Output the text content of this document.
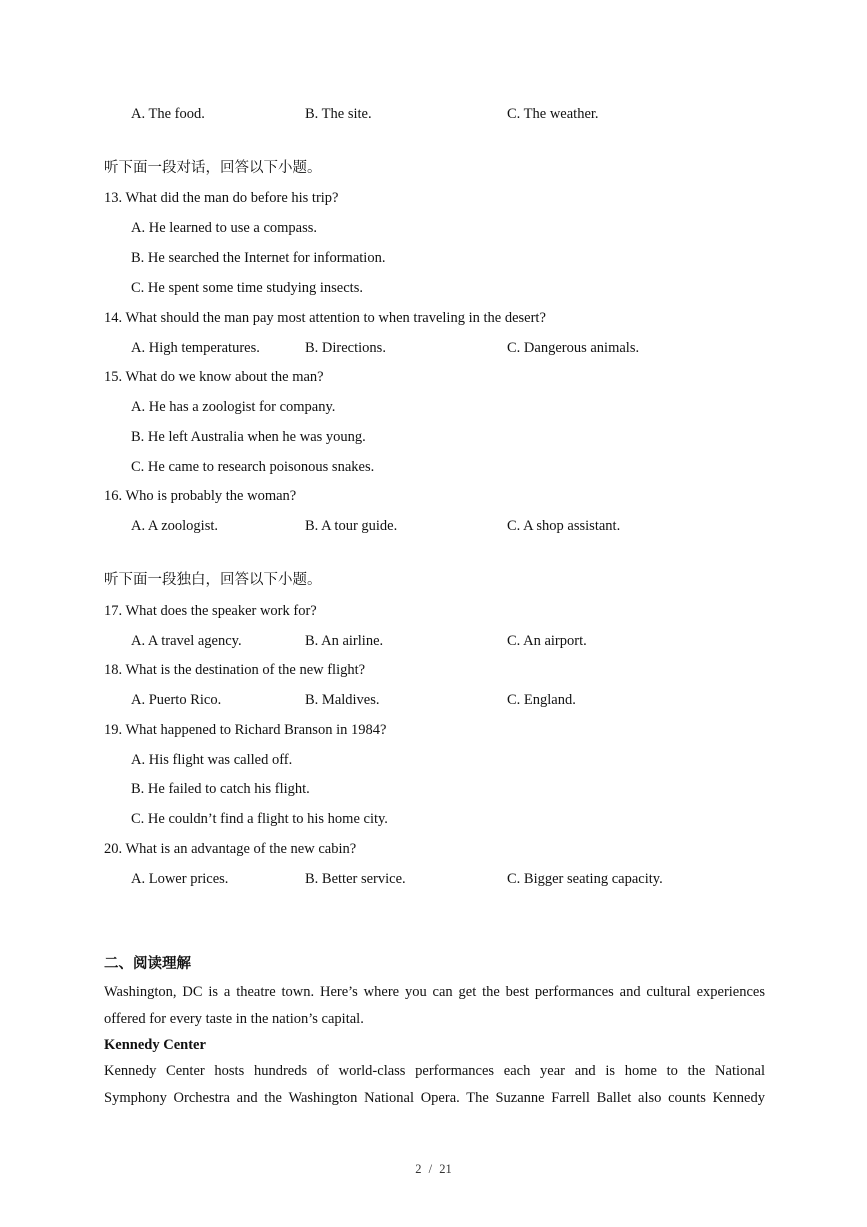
A. The food.	B. The site.	C. The weather.
听下面一段对话，回答以下小题。
13. What did the man do before his trip?
A. He learned to use a compass.
B. He searched the Internet for information.
C. He spent some time studying insects.
14. What should the man pay most attention to when traveling in the desert?
A. High temperatures.	B. Directions.	C. Dangerous animals.
15. What do we know about the man?
A. He has a zoologist for company.
B. He left Australia when he was young.
C. He came to research poisonous snakes.
16. Who is probably the woman?
A. A zoologist.	B. A tour guide.	C. A shop assistant.
听下面一段独白，回答以下小题。
17. What does the speaker work for?
A. A travel agency.	B. An airline.	C. An airport.
18. What is the destination of the new flight?
A. Puerto Rico.	B. Maldives.	C. England.
19. What happened to Richard Branson in 1984?
A. His flight was called off.
B. He failed to catch his flight.
C. He couldn’t find a flight to his home city.
20. What is an advantage of the new cabin?
A. Lower prices.	B. Better service.	C. Bigger seating capacity.
二、阅读理解
Washington, DC is a theatre town. Here’s where you can get the best performances and cultural experiences
offered for every taste in the nation’s capital.
Kennedy Center
Kennedy Center hosts hundreds of world-class performances each year and is home to the National
Symphony Orchestra and the Washington National Opera. The Suzanne Farrell Ballet also counts Kennedy
2 / 21
